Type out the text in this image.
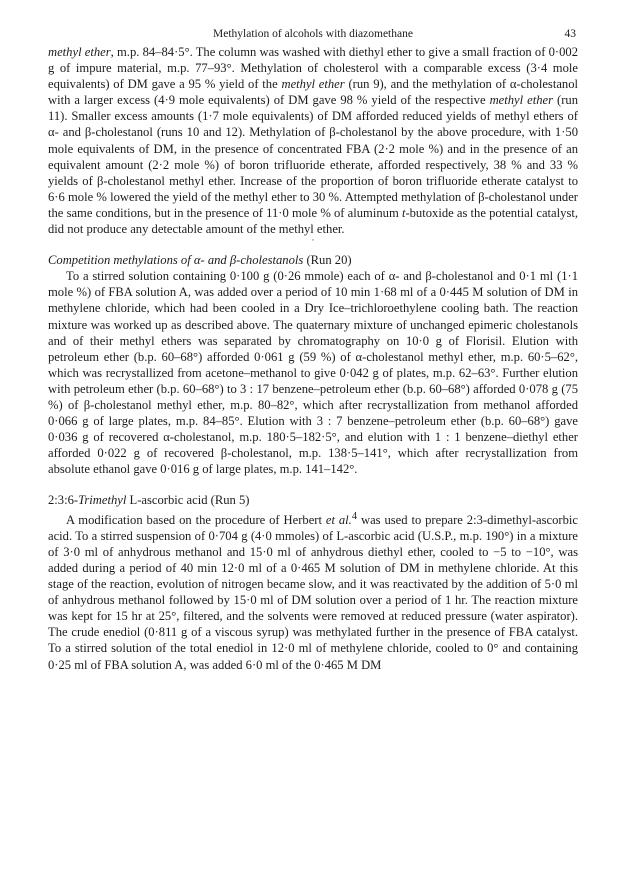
Methylation of alcohols with diazomethane	43

methyl ether, m.p. 84–84·5°. The column was washed with diethyl ether to give a small fraction of 0·002 g of impure material, m.p. 77–93°. Methylation of cholesterol with a comparable excess (3·4 mole equivalents) of DM gave a 95 % yield of the methyl ether (run 9), and the methylation of α-cholestanol with a larger excess (4·9 mole equivalents) of DM gave 98 % yield of the respective methyl ether (run 11). Smaller excess amounts (1·7 mole equivalents) of DM afforded reduced yields of methyl ethers of α- and β-cholestanol (runs 10 and 12). Methylation of β-cholestanol by the above procedure, with 1·50 mole equivalents of DM, in the presence of concentrated FBA (2·2 mole %) and in the presence of an equivalent amount (2·2 mole %) of boron trifluoride etherate, afforded respectively, 38 % and 33 % yields of β-cholestanol methyl ether. Increase of the proportion of boron trifluoride etherate catalyst to 6·6 mole % lowered the yield of the methyl ether to 30 %. Attempted methylation of β-cholestanol under the same conditions, but in the presence of 11·0 mole % of aluminum t-butoxide as the potential catalyst, did not produce any detectable amount of the methyl ether.

·

Competition methylations of α- and β-cholestanols (Run 20)

To a stirred solution containing 0·100 g (0·26 mmole) each of α- and β-cholestanol and 0·1 ml (1·1 mole %) of FBA solution A, was added over a period of 10 min 1·68 ml of a 0·445 M solution of DM in methylene chloride, which had been cooled in a Dry Ice–trichloroethylene cooling bath. The reaction mixture was worked up as described above. The quaternary mixture of unchanged epimeric cholestanols and of their methyl ethers was separated by chromatography on 10·0 g of Florisil. Elution with petroleum ether (b.p. 60–68°) afforded 0·061 g (59 %) of α-cholestanol methyl ether, m.p. 60·5–62°, which was recrystallized from acetone–methanol to give 0·042 g of plates, m.p. 62–63°. Further elution with petroleum ether (b.p. 60–68°) to 3 : 17 benzene–petroleum ether (b.p. 60–68°) afforded 0·078 g (75 %) of β-cholestanol methyl ether, m.p. 80–82°, which after recrystallization from methanol afforded 0·066 g of large plates, m.p. 84–85°. Elution with 3 : 7 benzene–petroleum ether (b.p. 60–68°) gave 0·036 g of recovered α-cholestanol, m.p. 180·5–182·5°, and elution with 1 : 1 benzene–diethyl ether afforded 0·022 g of recovered β-cholestanol, m.p. 138·5–141°, which after recrystallization from absolute ethanol gave 0·016 g of large plates, m.p. 141–142°.

2:3:6-Trimethyl L-ascorbic acid (Run 5)

A modification based on the procedure of Herbert et al.$^4$ was used to prepare 2:3-dimethyl-ascorbic acid. To a stirred suspension of 0·704 g (4·0 mmoles) of L-ascorbic acid (U.S.P., m.p. 190°) in a mixture of 3·0 ml of anhydrous methanol and 15·0 ml of anhydrous diethyl ether, cooled to −5 to −10°, was added during a period of 40 min 12·0 ml of a 0·465 M solution of DM in methylene chloride. At this stage of the reaction, evolution of nitrogen became slow, and it was reactivated by the addition of 5·0 ml of anhydrous methanol followed by 15·0 ml of DM solution over a period of 1 hr. The reaction mixture was kept for 15 hr at 25°, filtered, and the solvents were removed at reduced pressure (water aspirator). The crude enediol (0·811 g of a viscous syrup) was methylated further in the presence of FBA catalyst. To a stirred solution of the total enediol in 12·0 ml of methylene chloride, cooled to 0° and containing 0·25 ml of FBA solution A, was added 6·0 ml of the 0·465 M DM
